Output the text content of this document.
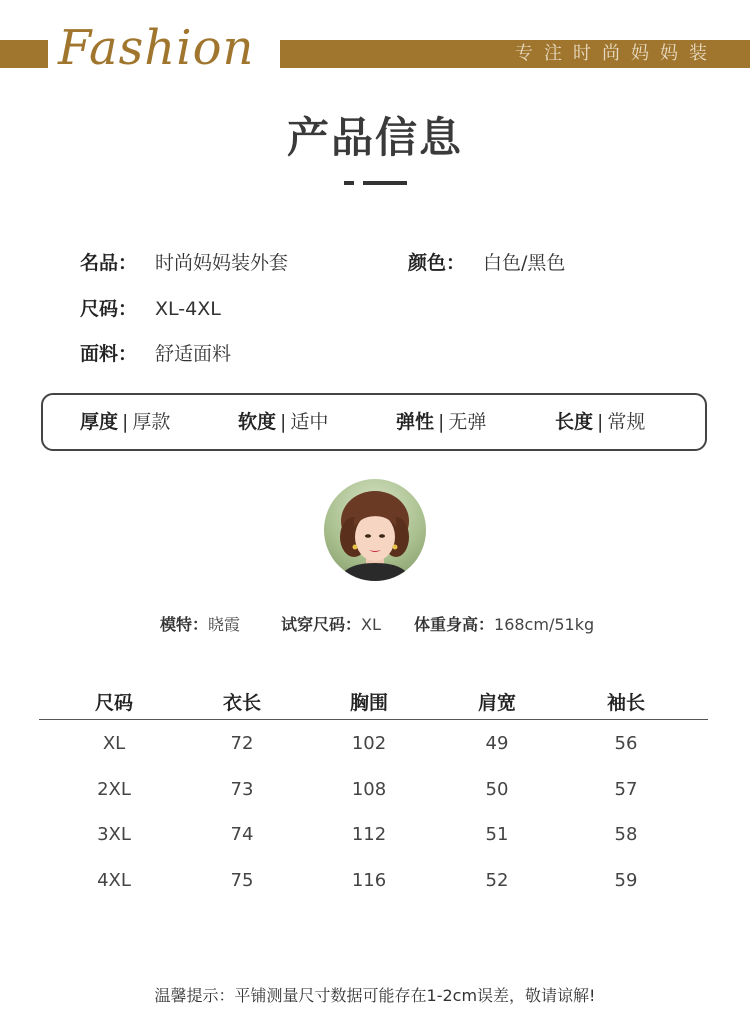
Fashion	专注时尚妈妈装
产品信息
名品： 时尚妈妈装外套	颜色： 白色/黑色
尺码： XL-4XL
面料： 舒适面料
厚度 | 厚款	软度 | 适中	弹性 | 无弹	长度 | 常规
模特：晓霞	试穿尺码：XL 体重身高：168cm/51kg
尺码	衣长	胸围	肩宽	袖长
XL	72	102	49	56
2XL	73	108	50	57
3XL	74	112	51	58
4XL	75	116	52	59
温馨提示：平铺测量尺寸数据可能存在1-2cm误差，敬请谅解!
